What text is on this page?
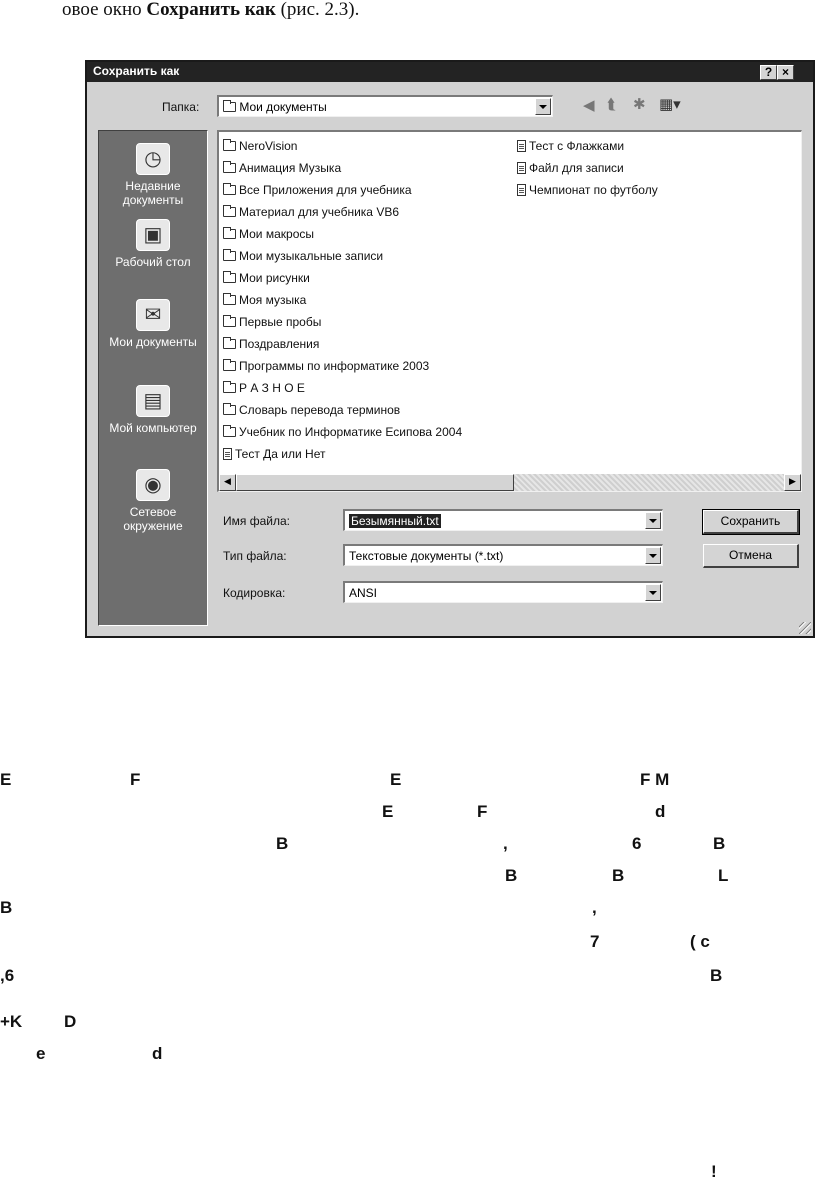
овое окно Сохранить как (рис. 2.3).
Сохранить как	? ×
Папка:	Мои документы	◀ ⮬ ✱ ▦▾
◷
Недавние документы
▣
Рабочий стол
✉
Мои документы
▤
Мой компьютер
◉
Сетевое окружение
NeroVision
Анимация Музыка
Все Приложения для учебника
Материал для учебника VB6
Мои макросы
Мои музыкальные записи
Мои рисунки
Моя музыка
Первые пробы
Поздравления
Программы по информатике 2003
Р А З Н О Е
Словарь перевода терминов
Учебник по Информатике Есипова 2004
Тест Да или Нет
Тест с Флажками
Файл для записи
Чемпионат по футболу
◀	▶
Имя файла:	Безымянный.txt
Тип файла:	Текстовые документы (*.txt)
Кодировка:	ANSI
Сохранить
Отмена
E	F	E	F M
E	F	d
B	,	6	B
B	B	L
B	,
7	( c
,6	B
+K D
e	d
!
